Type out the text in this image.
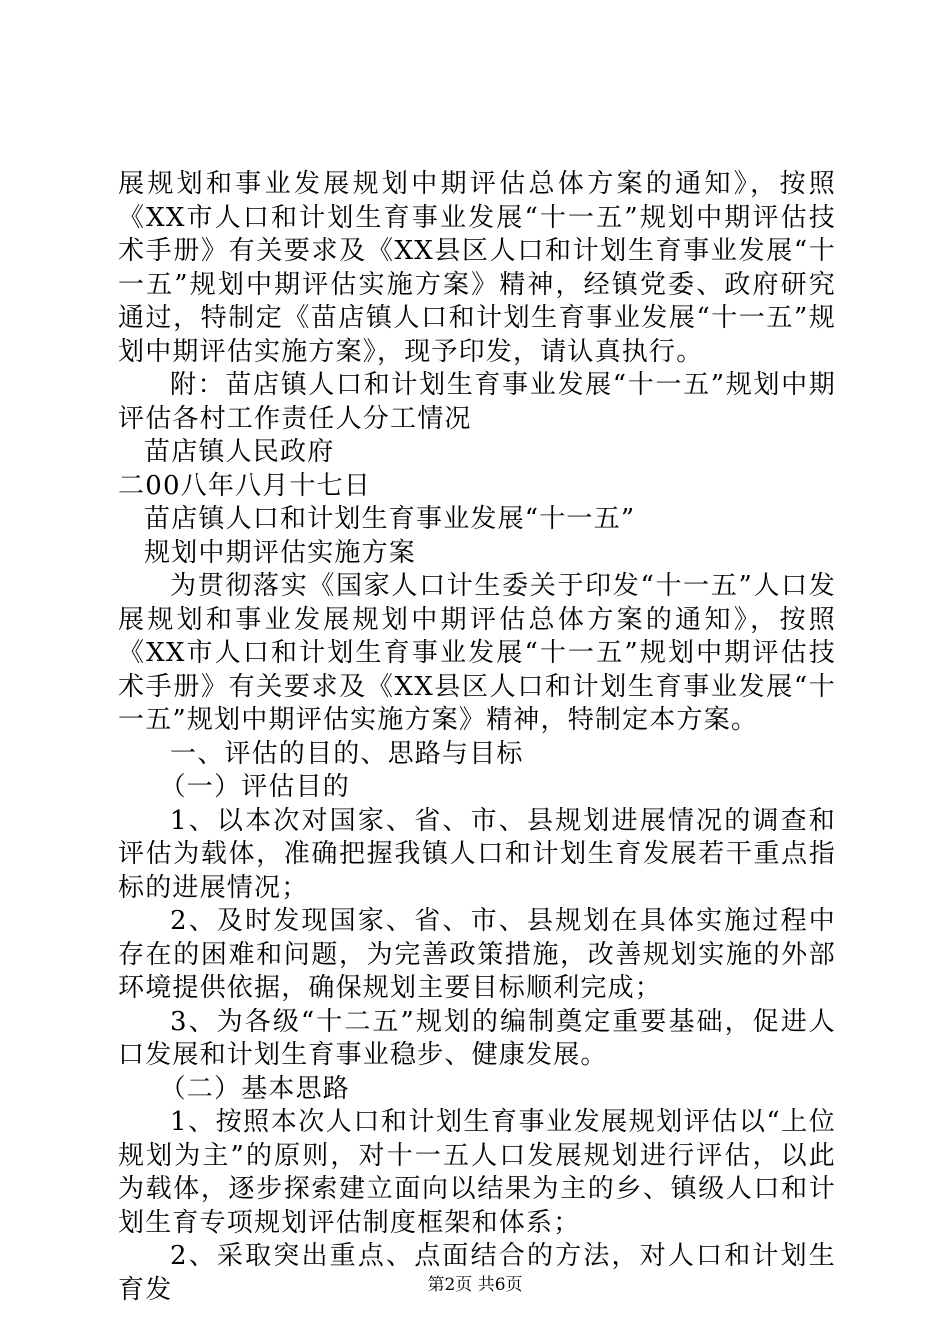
展规划和事业发展规划中期评估总体方案的通知》，按照《XX市人口和计划生育事业发展“十一五”规划中期评估技术手册》有关要求及《XX县区人口和计划生育事业发展“十一五”规划中期评估实施方案》精神，经镇党委、政府研究通过，特制定《苗店镇人口和计划生育事业发展“十一五”规划中期评估实施方案》，现予印发，请认真执行。

附：苗店镇人口和计划生育事业发展“十一五”规划中期评估各村工作责任人分工情况

苗店镇人民政府

二00八年八月十七日

苗店镇人口和计划生育事业发展“十一五”

规划中期评估实施方案

为贯彻落实《国家人口计生委关于印发“十一五”人口发展规划和事业发展规划中期评估总体方案的通知》，按照《XX市人口和计划生育事业发展“十一五”规划中期评估技术手册》有关要求及《XX县区人口和计划生育事业发展“十一五”规划中期评估实施方案》精神，特制定本方案。

一、评估的目的、思路与目标

（一）评估目的

1、以本次对国家、省、市、县规划进展情况的调查和评估为载体，准确把握我镇人口和计划生育发展若干重点指标的进展情况；

2、及时发现国家、省、市、县规划在具体实施过程中存在的困难和问题，为完善政策措施，改善规划实施的外部环境提供依据，确保规划主要目标顺利完成；

3、为各级“十二五”规划的编制奠定重要基础，促进人口发展和计划生育事业稳步、健康发展。

（二）基本思路

1、按照本次人口和计划生育事业发展规划评估以“上位规划为主”的原则，对十一五人口发展规划进行评估，以此为载体，逐步探索建立面向以结果为主的乡、镇级人口和计划生育专项规划评估制度框架和体系；

2、采取突出重点、点面结合的方法，对人口和计划生育发	第2页 共6页
